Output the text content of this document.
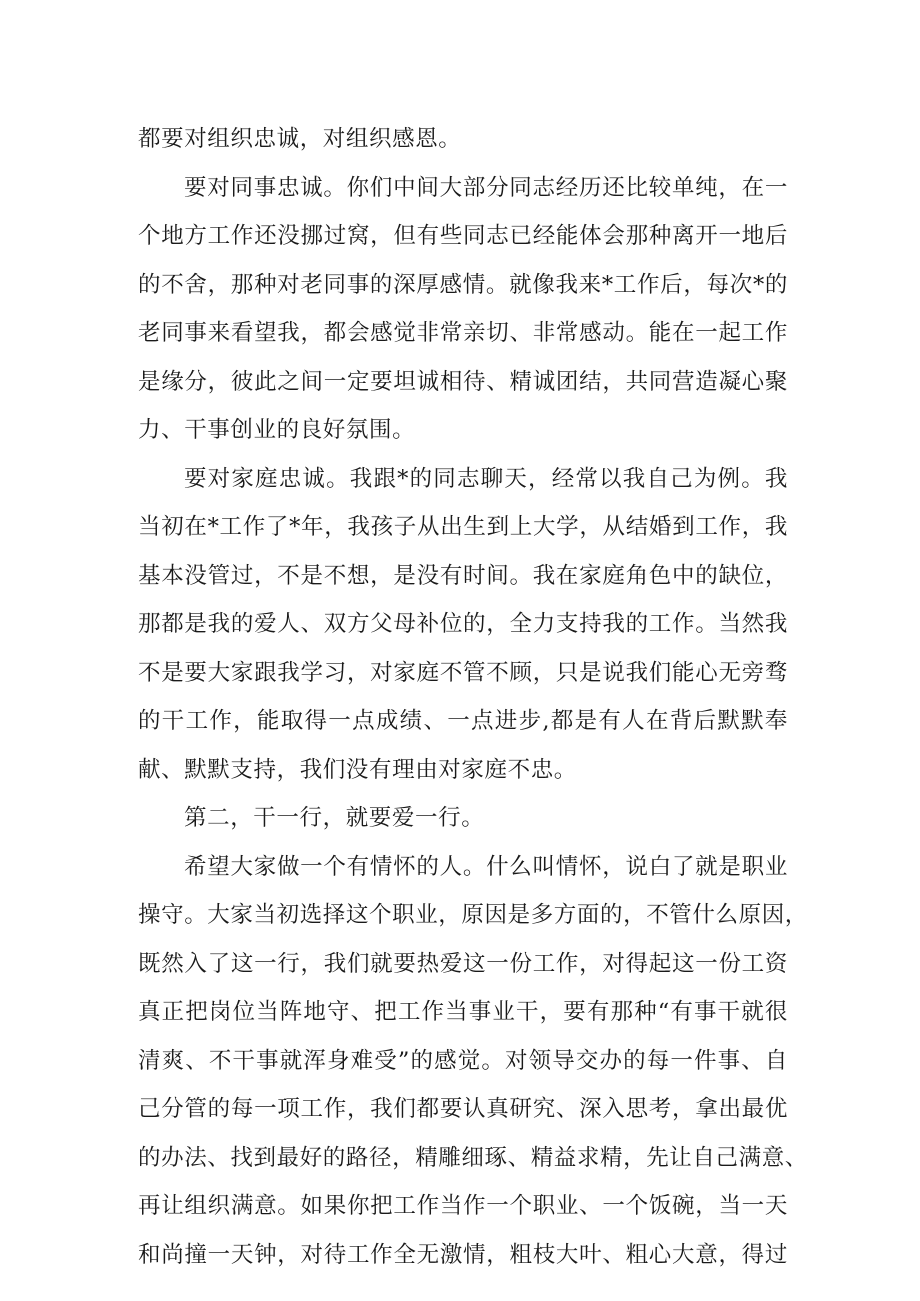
都要对组织忠诚，对组织感恩。
要对同事忠诚。你们中间大部分同志经历还比较单纯，在一
个地方工作还没挪过窝，但有些同志已经能体会那种离开一地后
的不舍，那种对老同事的深厚感情。就像我来*工作后，每次*的
老同事来看望我，都会感觉非常亲切、非常感动。能在一起工作
是缘分，彼此之间一定要坦诚相待、精诚团结，共同营造凝心聚
力、干事创业的良好氛围。
要对家庭忠诚。我跟*的同志聊天，经常以我自己为例。我
当初在*工作了*年，我孩子从出生到上大学，从结婚到工作，我
基本没管过，不是不想，是没有时间。我在家庭角色中的缺位，
那都是我的爱人、双方父母补位的，全力支持我的工作。当然我
不是要大家跟我学习，对家庭不管不顾，只是说我们能心无旁骛
的干工作，能取得一点成绩、一点进步,都是有人在背后默默奉
献、默默支持，我们没有理由对家庭不忠。
第二，干一行，就要爱一行。
希望大家做一个有情怀的人。什么叫情怀，说白了就是职业
操守。大家当初选择这个职业，原因是多方面的，不管什么原因，
既然入了这一行，我们就要热爱这一份工作，对得起这一份工资
真正把岗位当阵地守、把工作当事业干，要有那种“有事干就很
清爽、不干事就浑身难受”的感觉。对领导交办的每一件事、自
己分管的每一项工作，我们都要认真研究、深入思考，拿出最优
的办法、找到最好的路径，精雕细琢、精益求精，先让自己满意、
再让组织满意。如果你把工作当作一个职业、一个饭碗，当一天
和尚撞一天钟，对待工作全无激情，粗枝大叶、粗心大意，得过
